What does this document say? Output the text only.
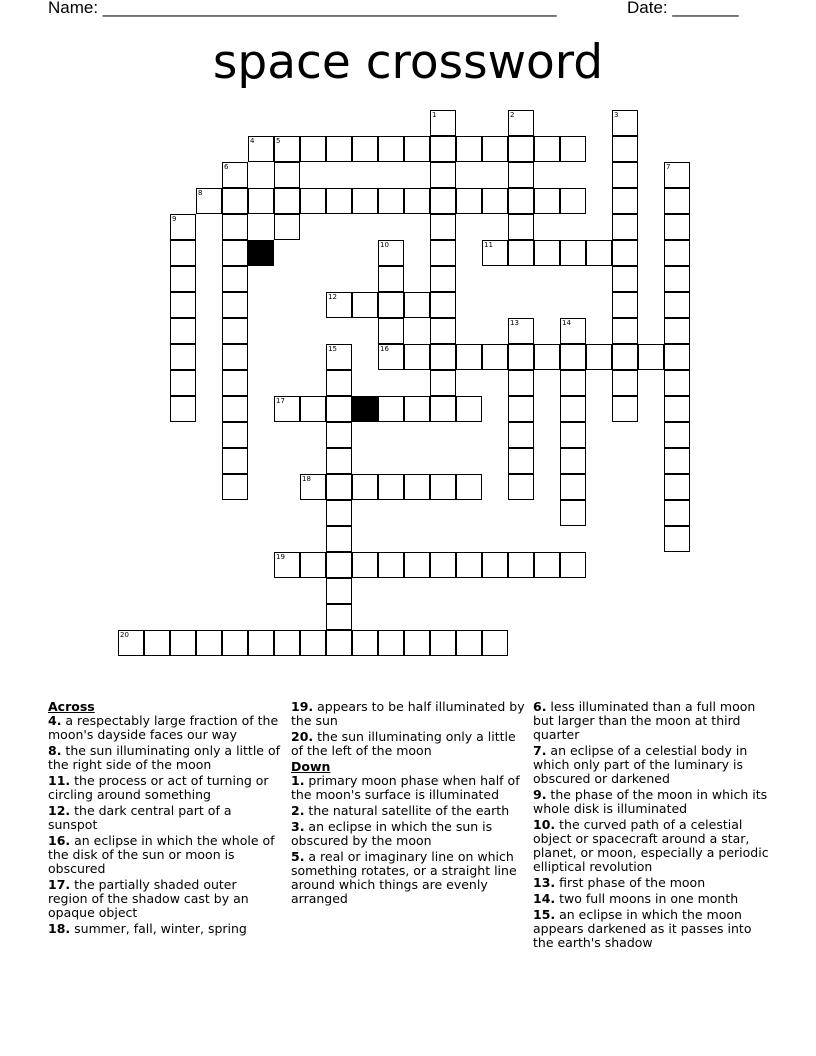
Name: ________________________________________________	Date: _______
space crossword
1	2	3
4	5
6	7
8
9
10
16
11
12
13	14
15
17
18
19
20
Across
4. a respectably large fraction of the moon's dayside faces our way
8. the sun illuminating only a little of the right side of the moon
11. the process or act of turning or circling around something
12. the dark central part of a sunspot
16. an eclipse in which the whole of the disk of the sun or moon is obscured
17. the partially shaded outer region of the shadow cast by an opaque object
18. summer, fall, winter, spring
19. appears to be half illuminated by the sun
20. the sun illuminating only a little of the left of the moon
Down
1. primary moon phase when half of the moon's surface is illuminated
2. the natural satellite of the earth
3. an eclipse in which the sun is obscured by the moon
5. a real or imaginary line on which something rotates, or a straight line around which things are evenly arranged
6. less illuminated than a full moon but larger than the moon at third quarter
7. an eclipse of a celestial body in which only part of the luminary is obscured or darkened
9. the phase of the moon in which its whole disk is illuminated
10. the curved path of a celestial object or spacecraft around a star, planet, or moon, especially a periodic elliptical revolution
13. first phase of the moon
14. two full moons in one month
15. an eclipse in which the moon appears darkened as it passes into the earth's shadow
